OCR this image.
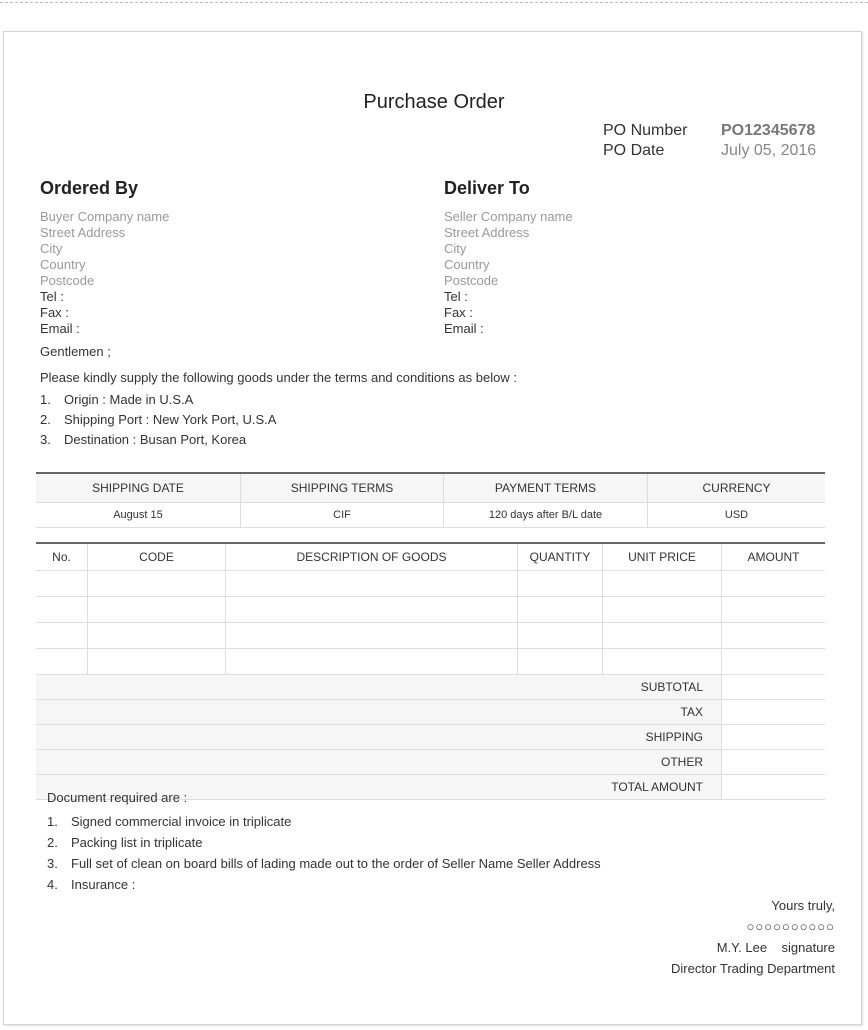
Purchase Order
PO Number PO12345678
PO Date	July 05, 2016
Ordered By
Buyer Company name
Street Address
City
Country
Postcode
Tel :
Fax :
Email :
Deliver To
Seller Company name
Street Address
City
Country
Postcode
Tel :
Fax :
Email :
Gentlemen ;
Please kindly supply the following goods under the terms and conditions as below :
1. Origin : Made in U.S.A
2. Shipping Port : New York Port, U.S.A
3. Destination : Busan Port, Korea
SHIPPING DATE	SHIPPING TERMS	PAYMENT TERMS	CURRENCY
August 15	CIF	120 days after B/L date	USD
No.	CODE	DESCRIPTION OF GOODS	QUANTITY	UNIT PRICE	AMOUNT

SUBTOTAL					
TAX					
SHIPPING					
OTHER					
TOTAL AMOUNT					
Document required are :
1. Signed commercial invoice in triplicate
2. Packing list in triplicate
3. Full set of clean on board bills of lading made out to the order of Seller Name Seller Address
4. Insurance :
Yours truly,
○○○○○○○○○○
M.Y. Lee    signature
Director Trading Department
